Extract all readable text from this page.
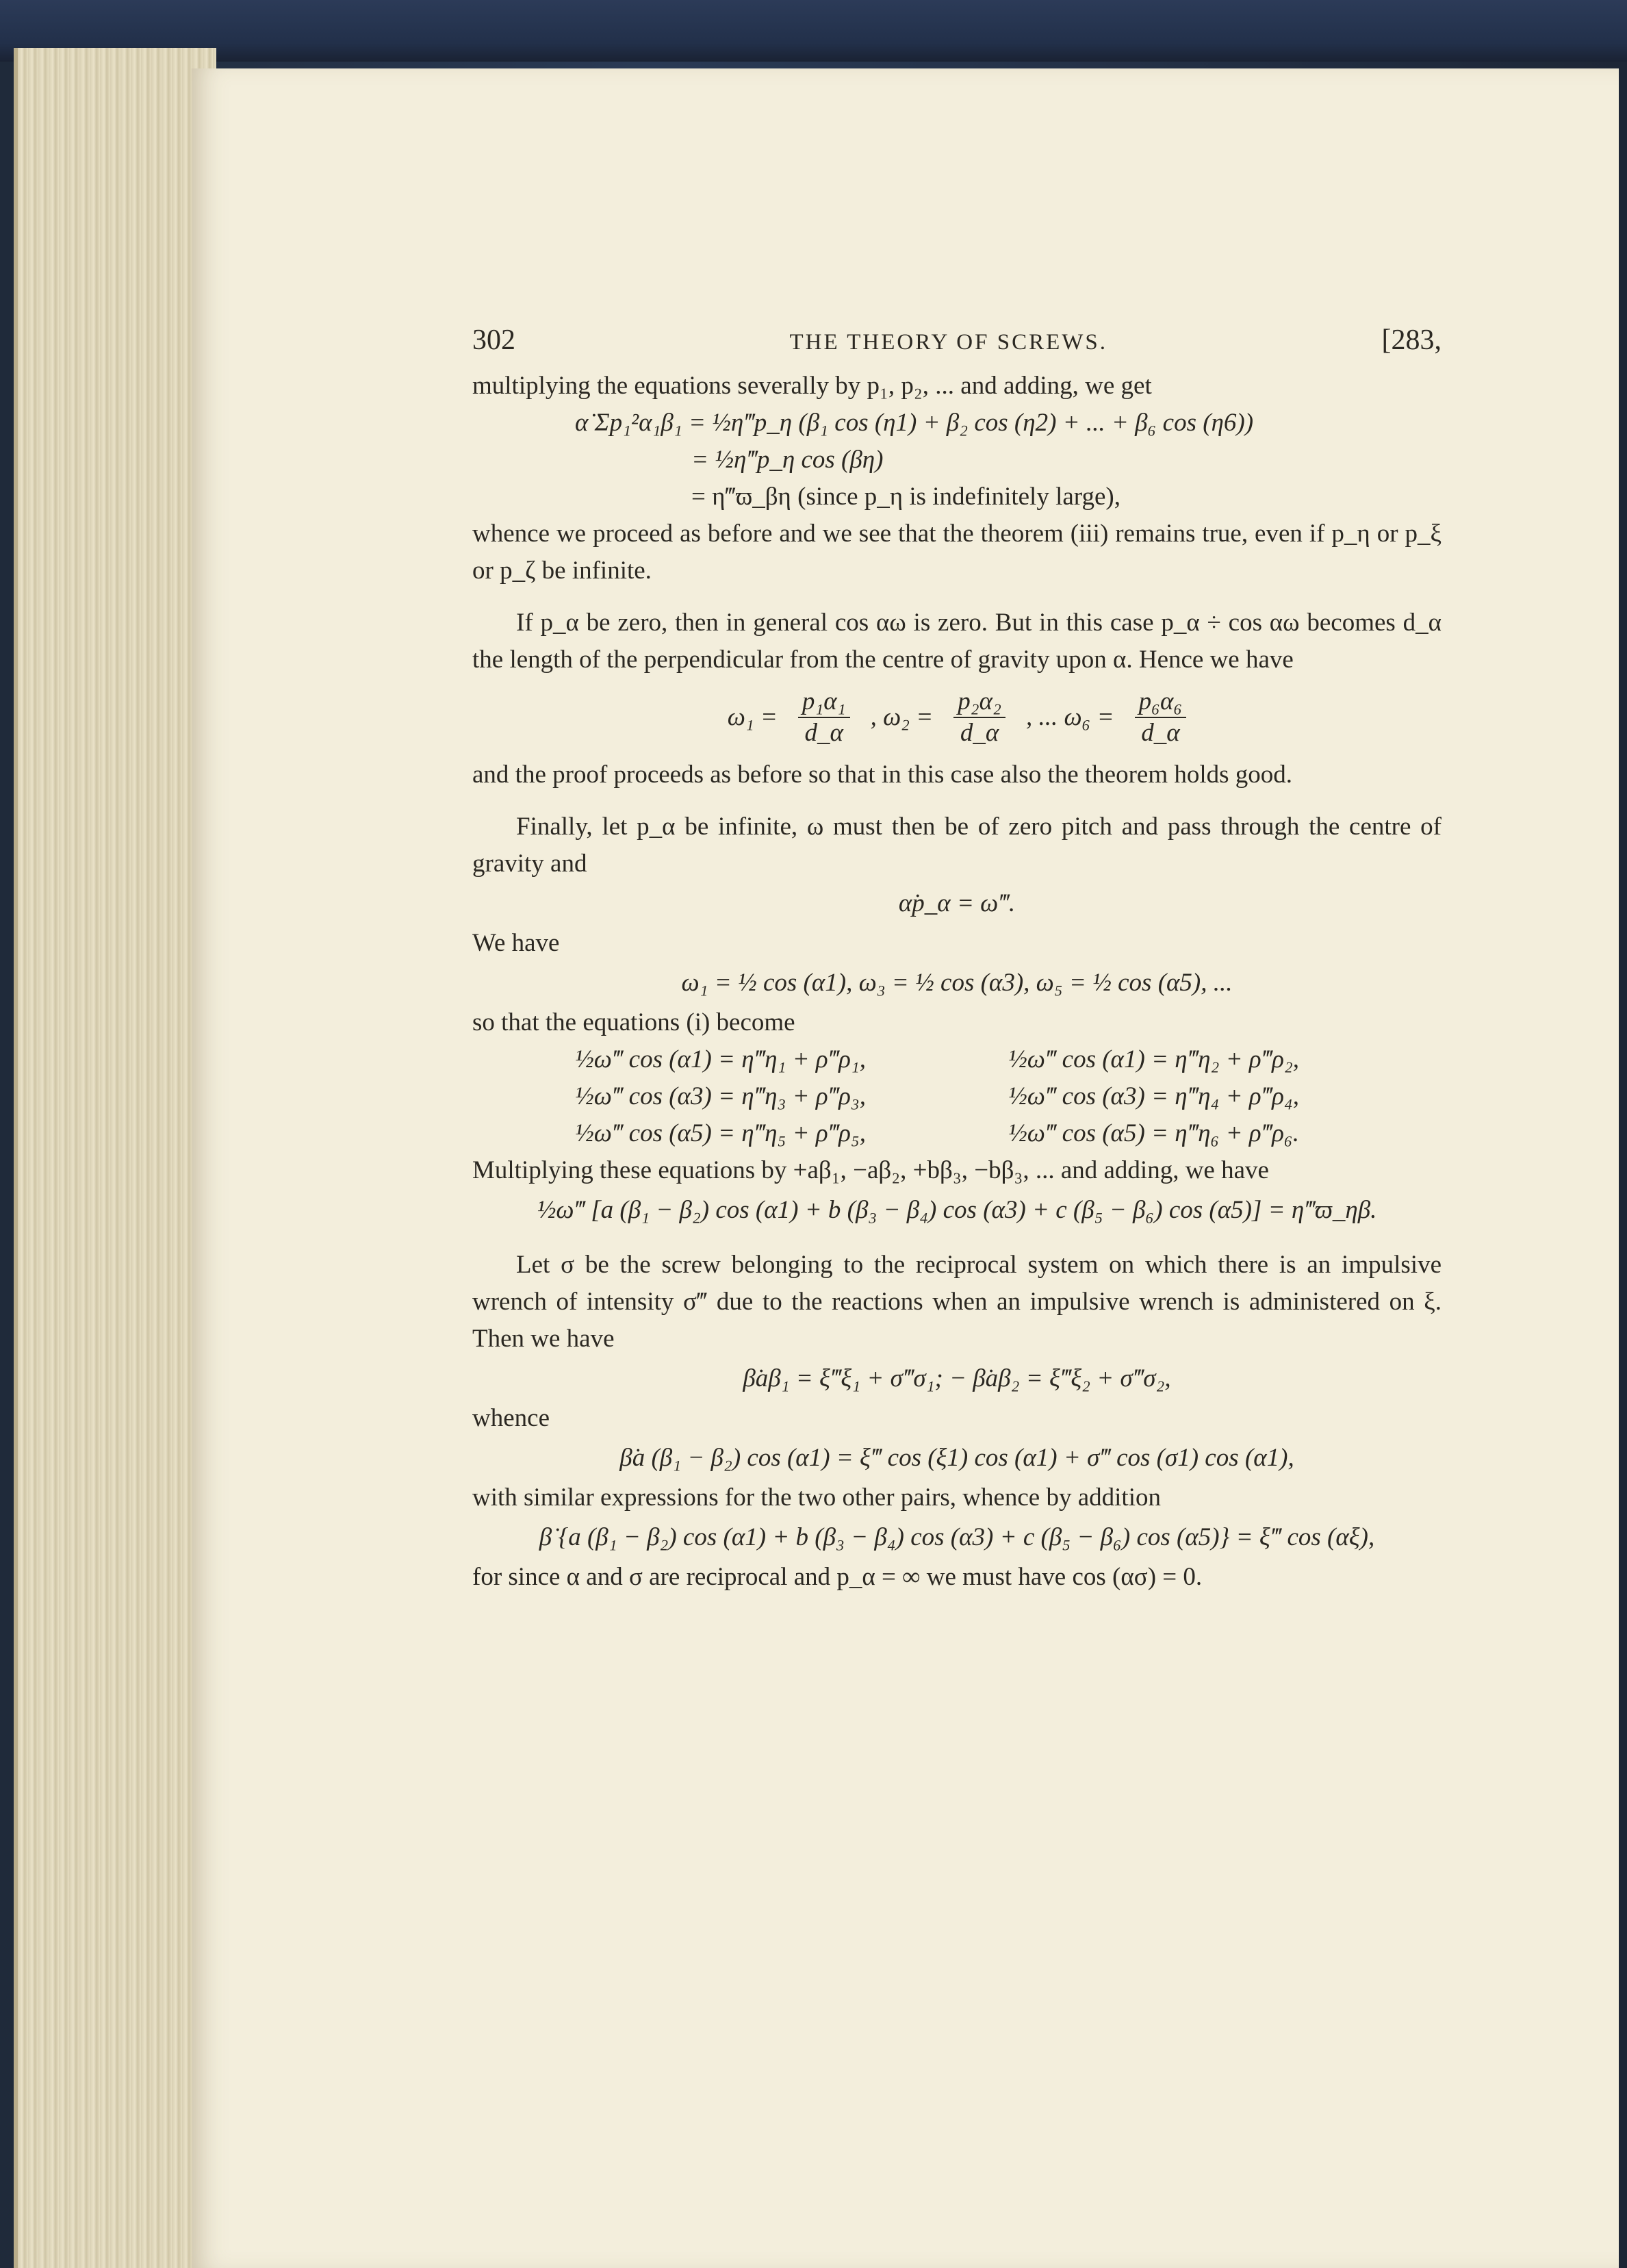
302	THE THEORY OF SCREWS.	[283,

multiplying the equations severally by p₁, p₂, ... and adding, we get

α̇ Σp₁²α₁β₁ = ½η‴p_η (β₁ cos (η1) + β₂ cos (η2) + ... + β₆ cos (η6))
= ½η‴p_η cos (βη)
= η‴ϖ_βη (since p_η is indefinitely large),

whence we proceed as before and we see that the theorem (iii) remains true, even if p_η or p_ξ or p_ζ be infinite.

If p_α be zero, then in general cos αω is zero. But in this case p_α ÷ cos αω becomes d_α the length of the perpendicular from the centre of gravity upon α. Hence we have

$\omega_1 = \frac{\text{p₁α₁}}{d\_\alpha}$ , $\omega_2 = \frac{\text{p₂α₂}}{d\_\alpha}$ , ... $\omega_6 = \frac{\text{p₆α₆}}{d\_\alpha}$

and the proof proceeds as before so that in this case also the theorem holds good.

Finally, let p_α be infinite, ω must then be of zero pitch and pass through the centre of gravity and

α̇p_α = ω‴.

We have

ω₁ = ½ cos (α1), ω₃ = ½ cos (α3), ω₅ = ½ cos (α5), ...

so that the equations (i) become

½ω‴ cos (α1) = η‴η₁ + ρ‴ρ₁,	½ω‴ cos (α1) = η‴η₂ + ρ‴ρ₂,
½ω‴ cos (α3) = η‴η₃ + ρ‴ρ₃,	½ω‴ cos (α3) = η‴η₄ + ρ‴ρ₄,
½ω‴ cos (α5) = η‴η₅ + ρ‴ρ₅,	½ω‴ cos (α5) = η‴η₆ + ρ‴ρ₆.

Multiplying these equations by +aβ₁, −aβ₂, +bβ₃, −bβ₃, ... and adding, we have

½ω‴ [a (β₁ − β₂) cos (α1) + b (β₃ − β₄) cos (α3) + c (β₅ − β₆) cos (α5)] = η‴ϖ_ηβ.

Let σ be the screw belonging to the reciprocal system on which there is an impulsive wrench of intensity σ‴ due to the reactions when an impulsive wrench is administered on ξ. Then we have

β̇aβ₁ = ξ‴ξ₁ + σ‴σ₁; − β̇aβ₂ = ξ‴ξ₂ + σ‴σ₂,

whence

β̇a (β₁ − β₂) cos (α1) = ξ‴ cos (ξ1) cos (α1) + σ‴ cos (σ1) cos (α1),

with similar expressions for the two other pairs, whence by addition

β̇ {a (β₁ − β₂) cos (α1) + b (β₃ − β₄) cos (α3) + c (β₅ − β₆) cos (α5)} = ξ‴ cos (αξ),

for since α and σ are reciprocal and p_α = ∞ we must have cos (ασ) = 0.
